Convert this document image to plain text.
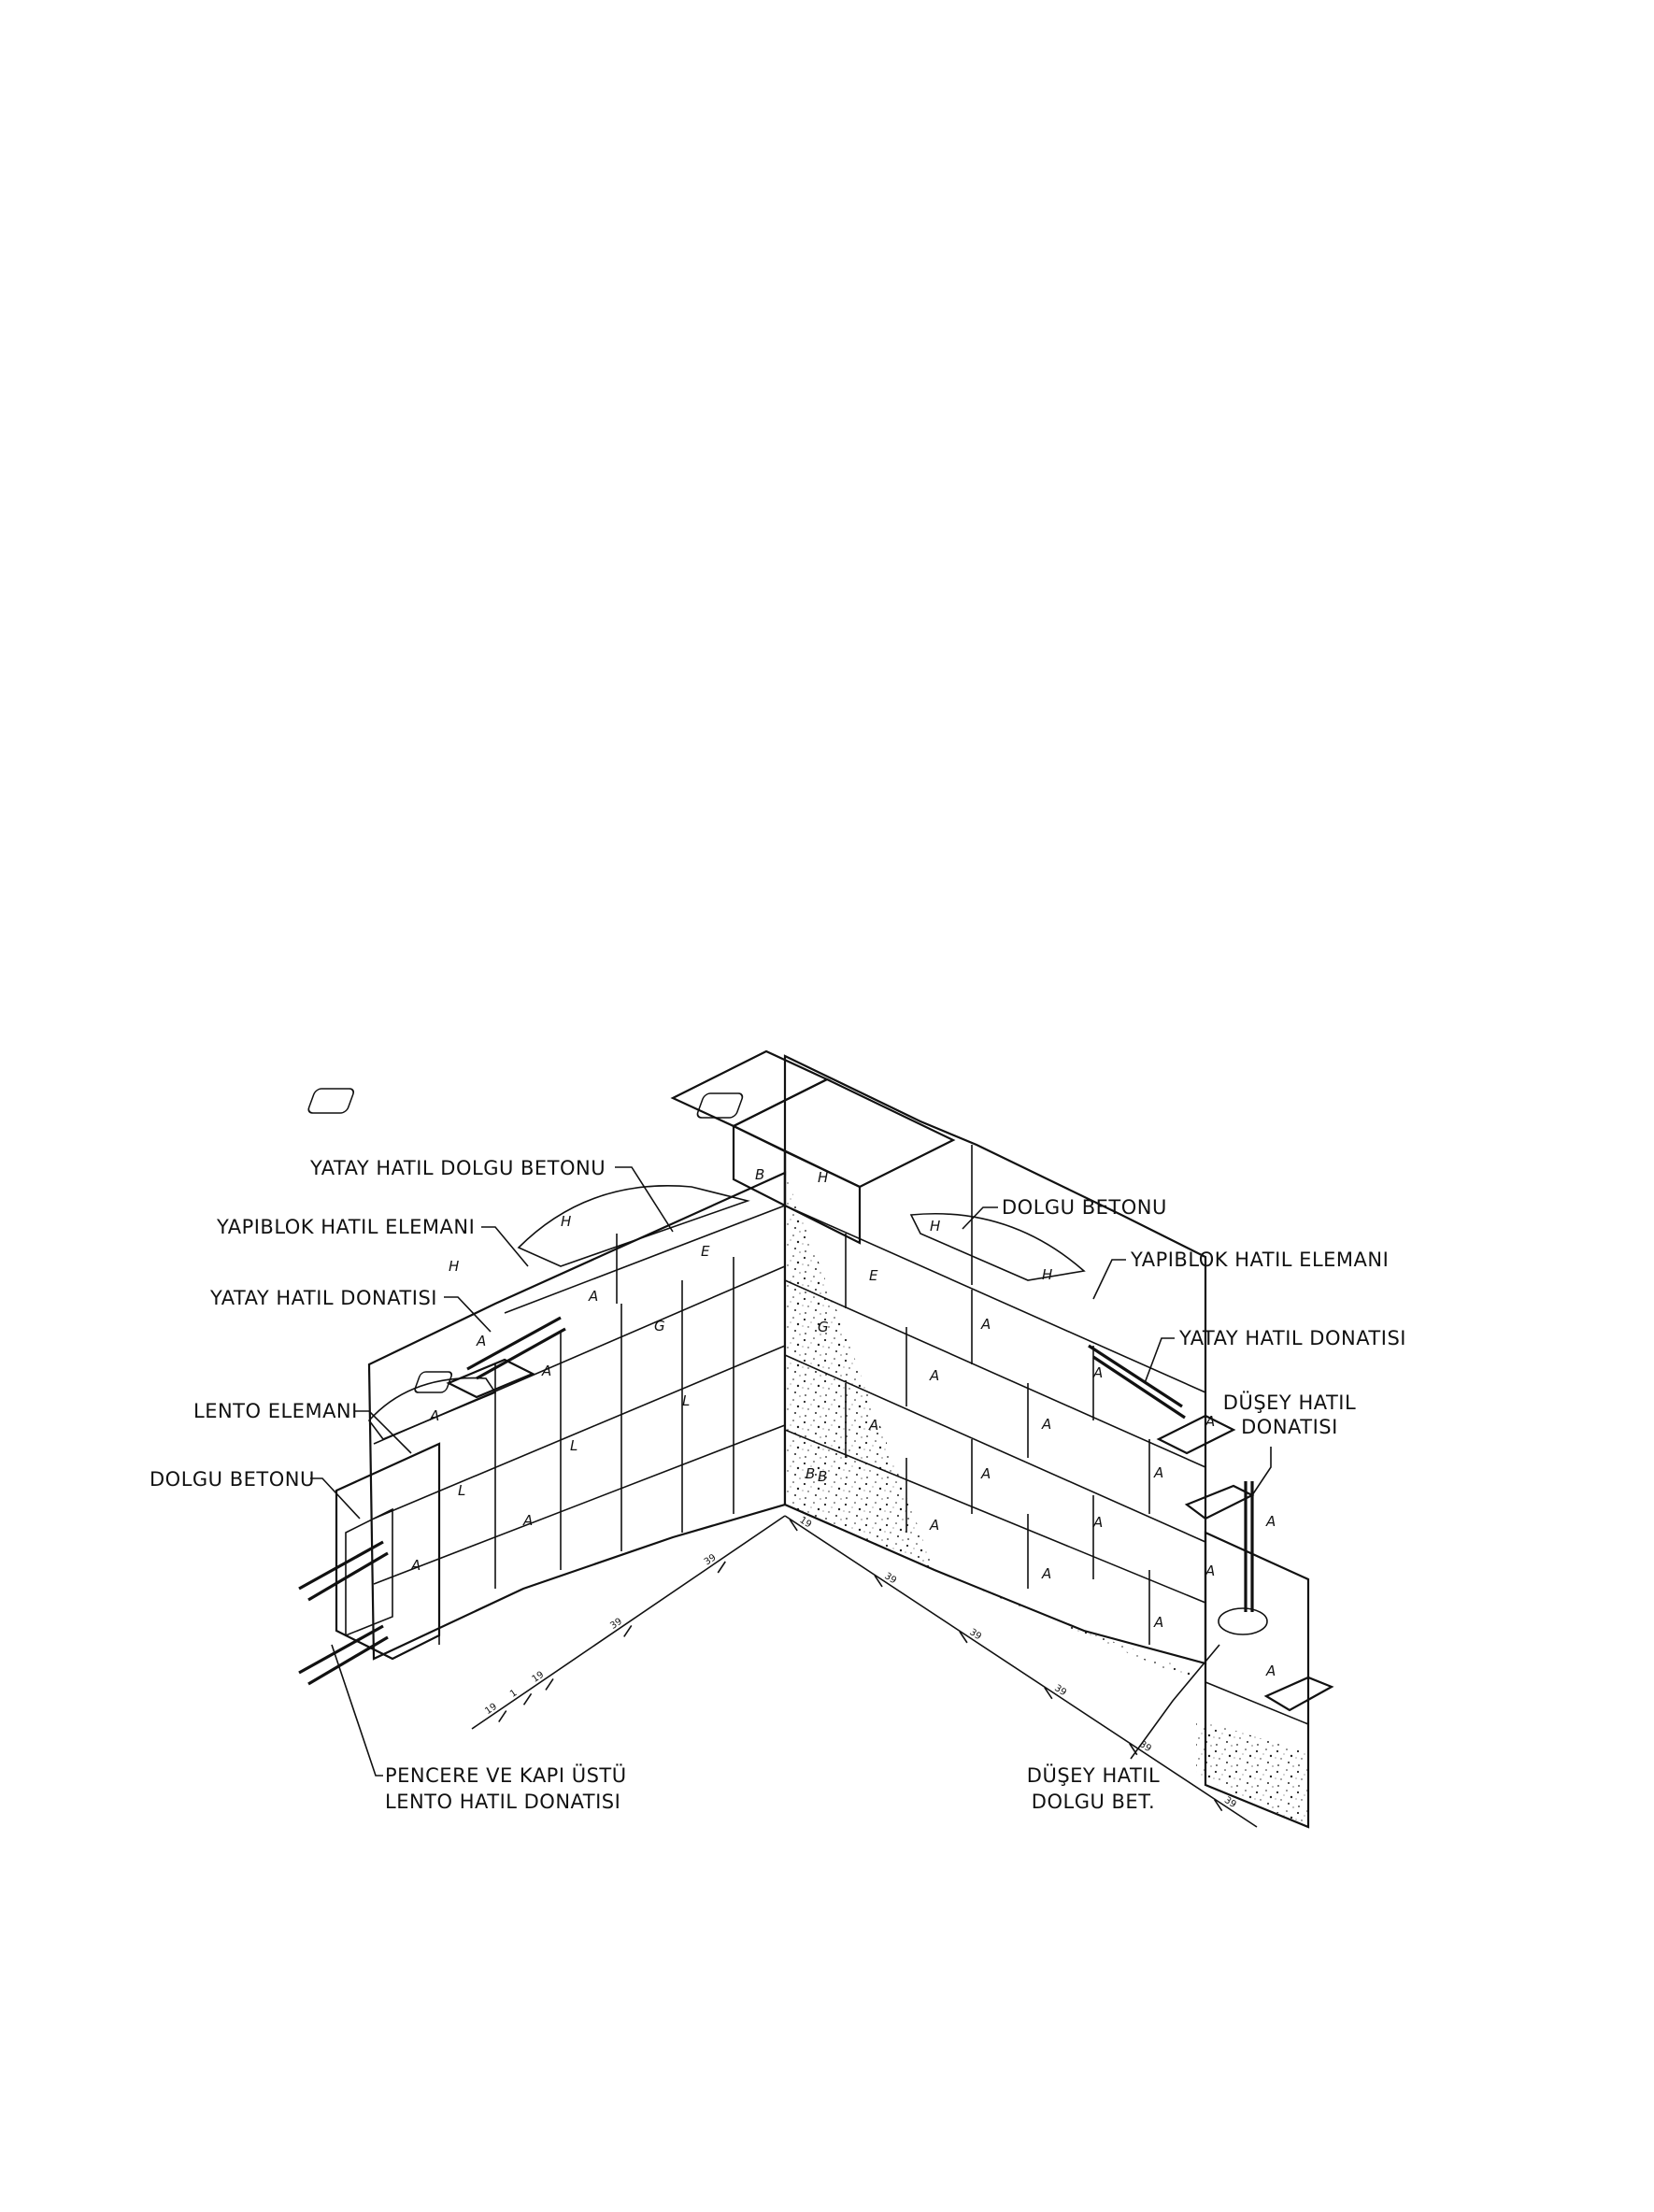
A
A
L
L
L
A
A
G
A
A
E
H
H
B
A
A
A
A
A
A
A
A
G
A
A
A
A
E
A
A
A
H
H
H
B
B
19
1
19
39
39
19
39
39
39
39
39
YATAY HATIL DOLGU BETONU
YAPIBLOK HATIL ELEMANI
YATAY HATIL DONATISI
LENTO ELEMANI
DOLGU BETONU
PENCERE VE KAPI ÜSTÜ
LENTO HATIL DONATISI
DOLGU BETONU
YAPIBLOK HATIL ELEMANI
YATAY HATIL DONATISI
DÜŞEY HATIL
DONATISI
DÜŞEY HATIL
DOLGU BET.
